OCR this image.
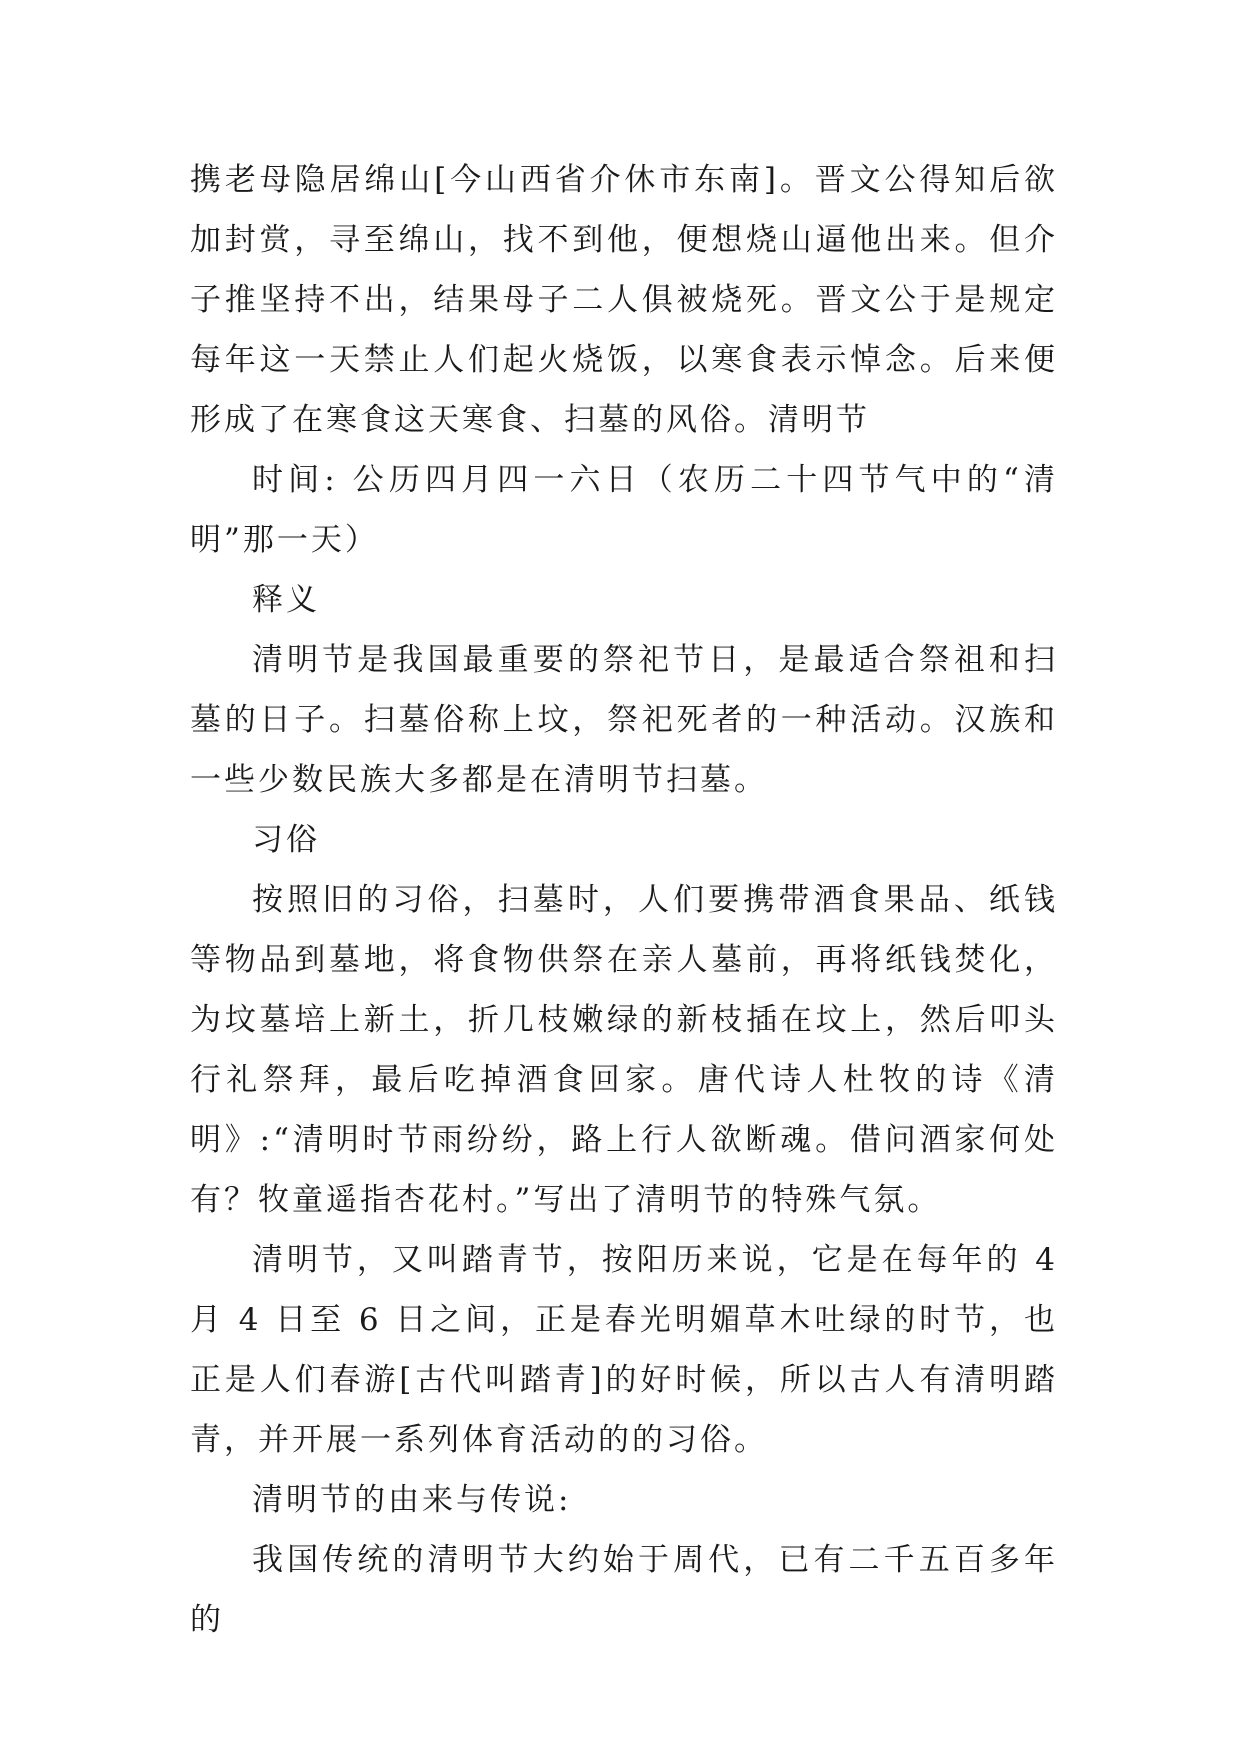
携老母隐居绵山[今山西省介休市东南]。晋文公得知后欲加封赏，寻至绵山，找不到他，便想烧山逼他出来。但介子推坚持不出，结果母子二人俱被烧死。晋文公于是规定每年这一天禁止人们起火烧饭，以寒食表示悼念。后来便形成了在寒食这天寒食、扫墓的风俗。清明节

时间: 公历四月四一六日（农历二十四节气中的“清明”那一天）

释义

清明节是我国最重要的祭祀节日，是最适合祭祖和扫墓的日子。扫墓俗称上坟，祭祀死者的一种活动。汉族和一些少数民族大多都是在清明节扫墓。

习俗

按照旧的习俗，扫墓时，人们要携带酒食果品、纸钱等物品到墓地，将食物供祭在亲人墓前，再将纸钱焚化，为坟墓培上新土，折几枝嫩绿的新枝插在坟上，然后叩头行礼祭拜，最后吃掉酒食回家。唐代诗人杜牧的诗《清明》:“清明时节雨纷纷，路上行人欲断魂。借问酒家何处有？牧童遥指杏花村。”写出了清明节的特殊气氛。

清明节，又叫踏青节，按阳历来说，它是在每年的 4 月 4 日至 6 日之间，正是春光明媚草木吐绿的时节，也正是人们春游[古代叫踏青]的好时候，所以古人有清明踏青，并开展一系列体育活动的的习俗。

清明节的由来与传说:

我国传统的清明节大约始于周代，已有二千五百多年的
